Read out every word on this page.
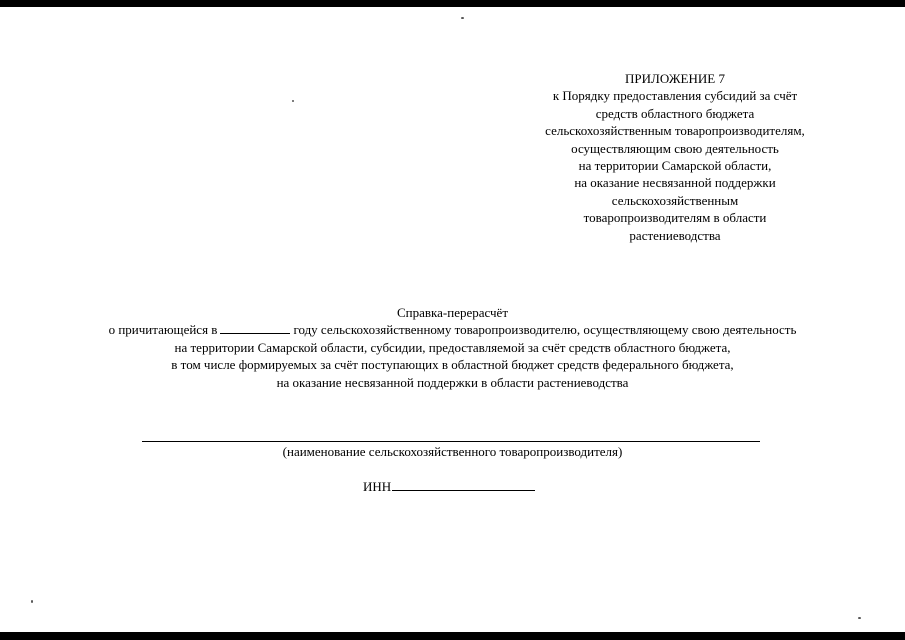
ПРИЛОЖЕНИЕ 7
к Порядку предоставления субсидий за счёт
средств областного бюджета
сельскохозяйственным товаропроизводителям,
осуществляющим свою деятельность
на территории Самарской области,
на оказание несвязанной поддержки
сельскохозяйственным
товаропроизводителям в области
растениеводства
Справка-перерасчёт
о причитающейся в	году сельскохозяйственному товаропроизводителю, осуществляющему свою деятельность
на территории Самарской области, субсидии, предоставляемой за счёт средств областного бюджета,
в том числе формируемых за счёт поступающих в областной бюджет средств федерального бюджета,
на оказание несвязанной поддержки в области растениеводства
(наименование сельскохозяйственного товаропроизводителя)
ИНН
